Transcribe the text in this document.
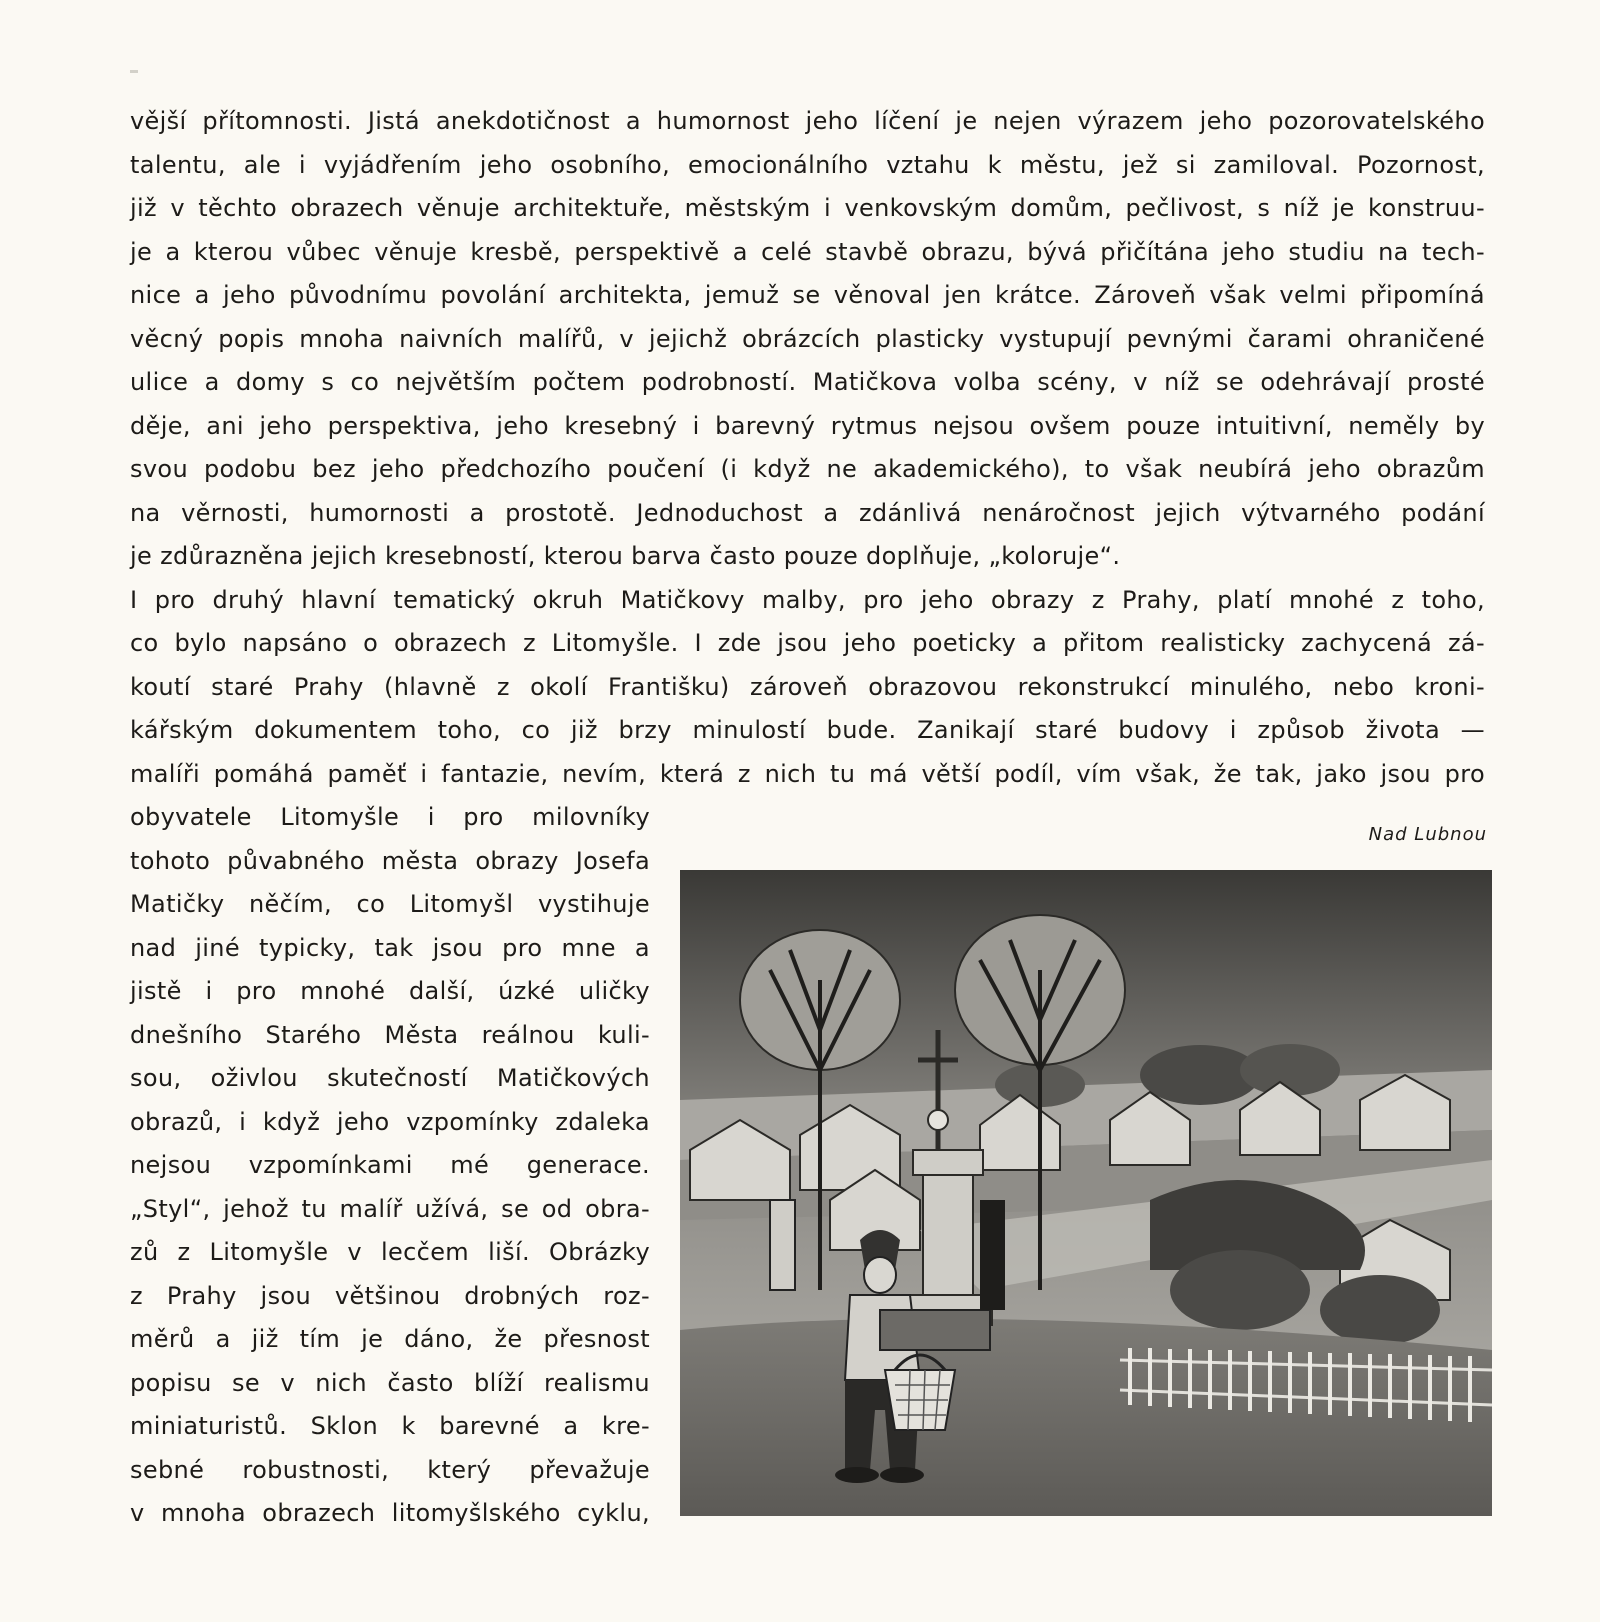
vější přítomnosti. Jistá anekdotičnost a humornost jeho líčení je nejen výrazem jeho pozorovatelského
talentu, ale i vyjádřením jeho osobního, emocionálního vztahu k městu, jež si zamiloval. Pozornost,
již v těchto obrazech věnuje architektuře, městským i venkovským domům, pečlivost, s níž je konstruu-
je a kterou vůbec věnuje kresbě, perspektivě a celé stavbě obrazu, bývá přičítána jeho studiu na tech-
nice a jeho původnímu povolání architekta, jemuž se věnoval jen krátce. Zároveň však velmi připomíná
věcný popis mnoha naivních malířů, v jejichž obrázcích plasticky vystupují pevnými čarami ohraničené
ulice a domy s co největším počtem podrobností. Matičkova volba scény, v níž se odehrávají prosté
děje, ani jeho perspektiva, jeho kresebný i barevný rytmus nejsou ovšem pouze intuitivní, neměly by
svou podobu bez jeho předchozího poučení (i když ne akademického), to však neubírá jeho obrazům
na věrnosti, humornosti a prostotě. Jednoduchost a zdánlivá nenáročnost jejich výtvarného podání
je zdůrazněna jejich kresebností, kterou barva často pouze doplňuje, „koloruje“.
I pro druhý hlavní tematický okruh Matičkovy malby, pro jeho obrazy z Prahy, platí mnohé z toho,
co bylo napsáno o obrazech z Litomyšle. I zde jsou jeho poeticky a přitom realisticky zachycená zá-
koutí staré Prahy (hlavně z okolí Františku) zároveň obrazovou rekonstrukcí minulého, nebo kroni-
kářským dokumentem toho, co již brzy minulostí bude. Zanikají staré budovy i způsob života —
malíři pomáhá paměť i fantazie, nevím, která z nich tu má větší podíl, vím však, že tak, jako jsou pro
obyvatele Litomyšle i pro milovníky
tohoto půvabného města obrazy Josefa
Matičky něčím, co Litomyšl vystihuje
nad jiné typicky, tak jsou pro mne a
jistě i pro mnohé další, úzké uličky
dnešního Starého Města reálnou kuli-
sou, oživlou skutečností Matičkových
obrazů, i když jeho vzpomínky zdaleka
nejsou vzpomínkami mé generace.
„Styl“, jehož tu malíř užívá, se od obra-
zů z Litomyšle v lecčem liší. Obrázky
z Prahy jsou většinou drobných roz-
měrů a již tím je dáno, že přesnost
popisu se v nich často blíží realismu
miniaturistů. Sklon k barevné a kre-
sebné robustnosti, který převažuje
v mnoha obrazech litomyšlského cyklu,
Nad Lubnou
